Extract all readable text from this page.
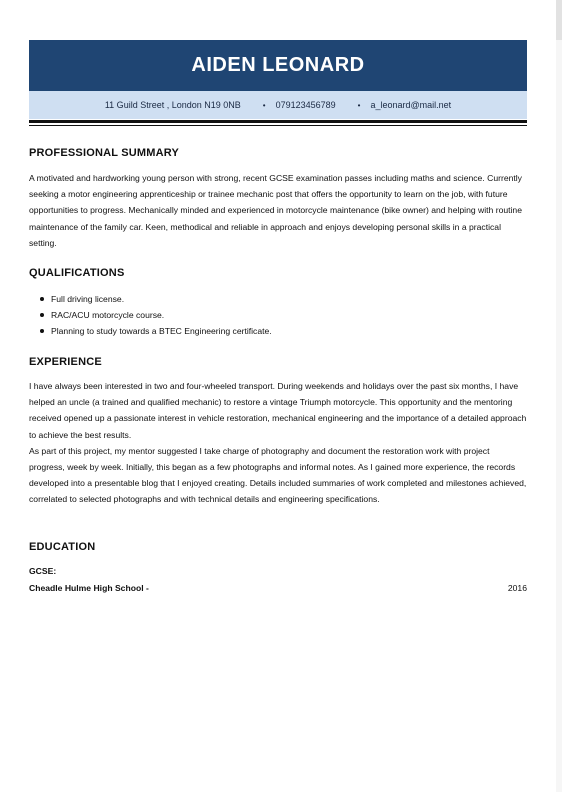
AIDEN LEONARD
11 Guild Street , London N19 0NB	• 079123456789	• a_leonard@mail.net
PROFESSIONAL SUMMARY

A motivated and hardworking young person with strong, recent GCSE examination passes including maths and science. Currently seeking a motor engineering apprenticeship or trainee mechanic post that offers the opportunity to learn on the job, with future opportunities to progress. Mechanically minded and experienced in motorcycle maintenance (bike owner) and helping with routine maintenance of the family car. Keen, methodical and reliable in approach and enjoys developing personal skills in a practical setting.

QUALIFICATIONS
Full driving license.
RAC/ACU motorcycle course.
Planning to study towards a BTEC Engineering certificate.
EXPERIENCE

I have always been interested in two and four-wheeled transport. During weekends and holidays over the past six months, I have helped an uncle (a trained and qualified mechanic) to restore a vintage Triumph motorcycle. This opportunity and the mentoring received opened up a passionate interest in vehicle restoration, mechanical engineering and the importance of a detailed approach to achieve the best results.

As part of this project, my mentor suggested I take charge of photography and document the restoration work with project progress, week by week. Initially, this began as a few photographs and informal notes. As I gained more experience, the records developed into a presentable blog that I enjoyed creating. Details included summaries of work completed and milestones achieved, correlated to selected photographs and with technical details and engineering specifications.

EDUCATION
GCSE:
Cheadle Hulme High School -	2016
